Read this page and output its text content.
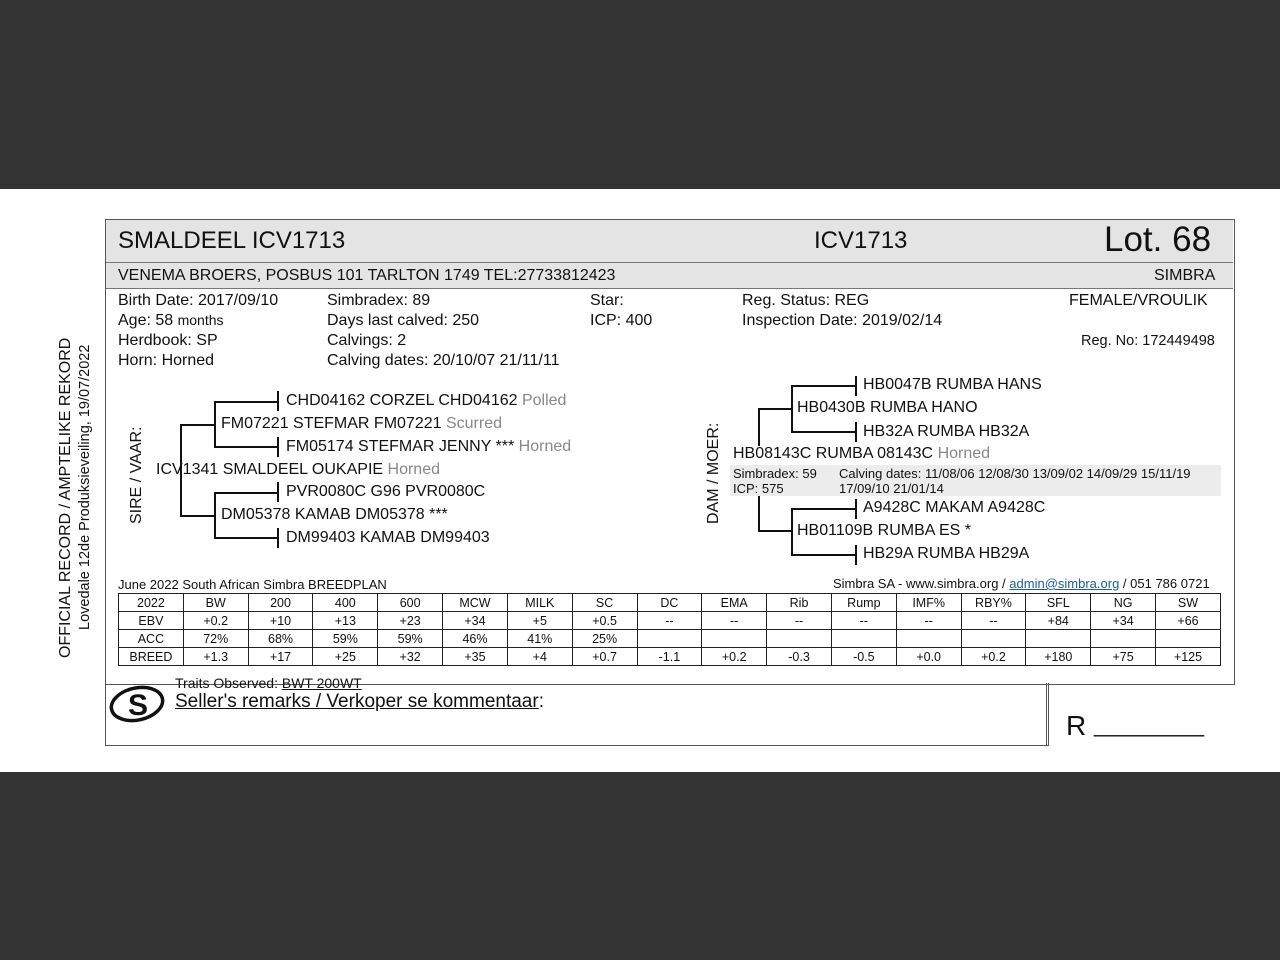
OFFICIAL RECORD / AMPTELIKE REKORD Lovedale 12de Produksieveiling, 19/07/2022
SMALDEEL ICV1713	ICV1713	Lot. 68
VENEMA BROERS, POSBUS 101 TARLTON 1749 TEL:27733812423	SIMBRA
Birth Date: 2017/09/10
Age: 58 months
Herdbook: SP
Horn: Horned
Simbradex: 89
Days last calved: 250
Calvings: 2
Calving dates: 20/10/07 21/11/11
Star:
ICP: 400
Reg. Status: REG
Inspection Date: 2019/02/14
FEMALE/VROULIK
Reg. No: 172449498
SIRE / VAAR:
CHD04162 CORZEL CHD04162 Polled
FM07221 STEFMAR FM07221 Scurred
FM05174 STEFMAR JENNY *** Horned
ICV1341 SMALDEEL OUKAPIE Horned
PVR0080C G96 PVR0080C
DM05378 KAMAB DM05378 ***
DM99403 KAMAB DM99403
DAM / MOER:
HB0047B RUMBA HANS
HB0430B RUMBA HANO
HB32A RUMBA HB32A
HB08143C RUMBA 08143C Horned
Simbradex: 59
ICP: 575
Calving dates: 11/08/06 12/08/30 13/09/02 14/09/29 15/11/19
17/09/10 21/01/14
A9428C MAKAM A9428C
HB01109B RUMBA ES *
HB29A RUMBA HB29A
June 2022 South African Simbra BREEDPLAN	Simbra SA - www.simbra.org / admin@simbra.org / 051 786 0721
2022	BW	200	400	600	MCW	MILK	SC	DC	EMA	Rib	Rump	IMF%	RBY%	SFL	NG	SW
EBV	+0.2	+10	+13	+23	+34	+5	+0.5	--	--	--	--	--	--	+84	+34	+66
ACC	72%	68%	59%	59%	46%	41%	25%									
BREED	+1.3	+17	+25	+32	+35	+4	+0.7	-1.1	+0.2	-0.3	-0.5	+0.0	+0.2	+180	+75	+125
S
Traits Observed: BWT 200WT
Seller's remarks / Verkoper se kommentaar:
R _________
